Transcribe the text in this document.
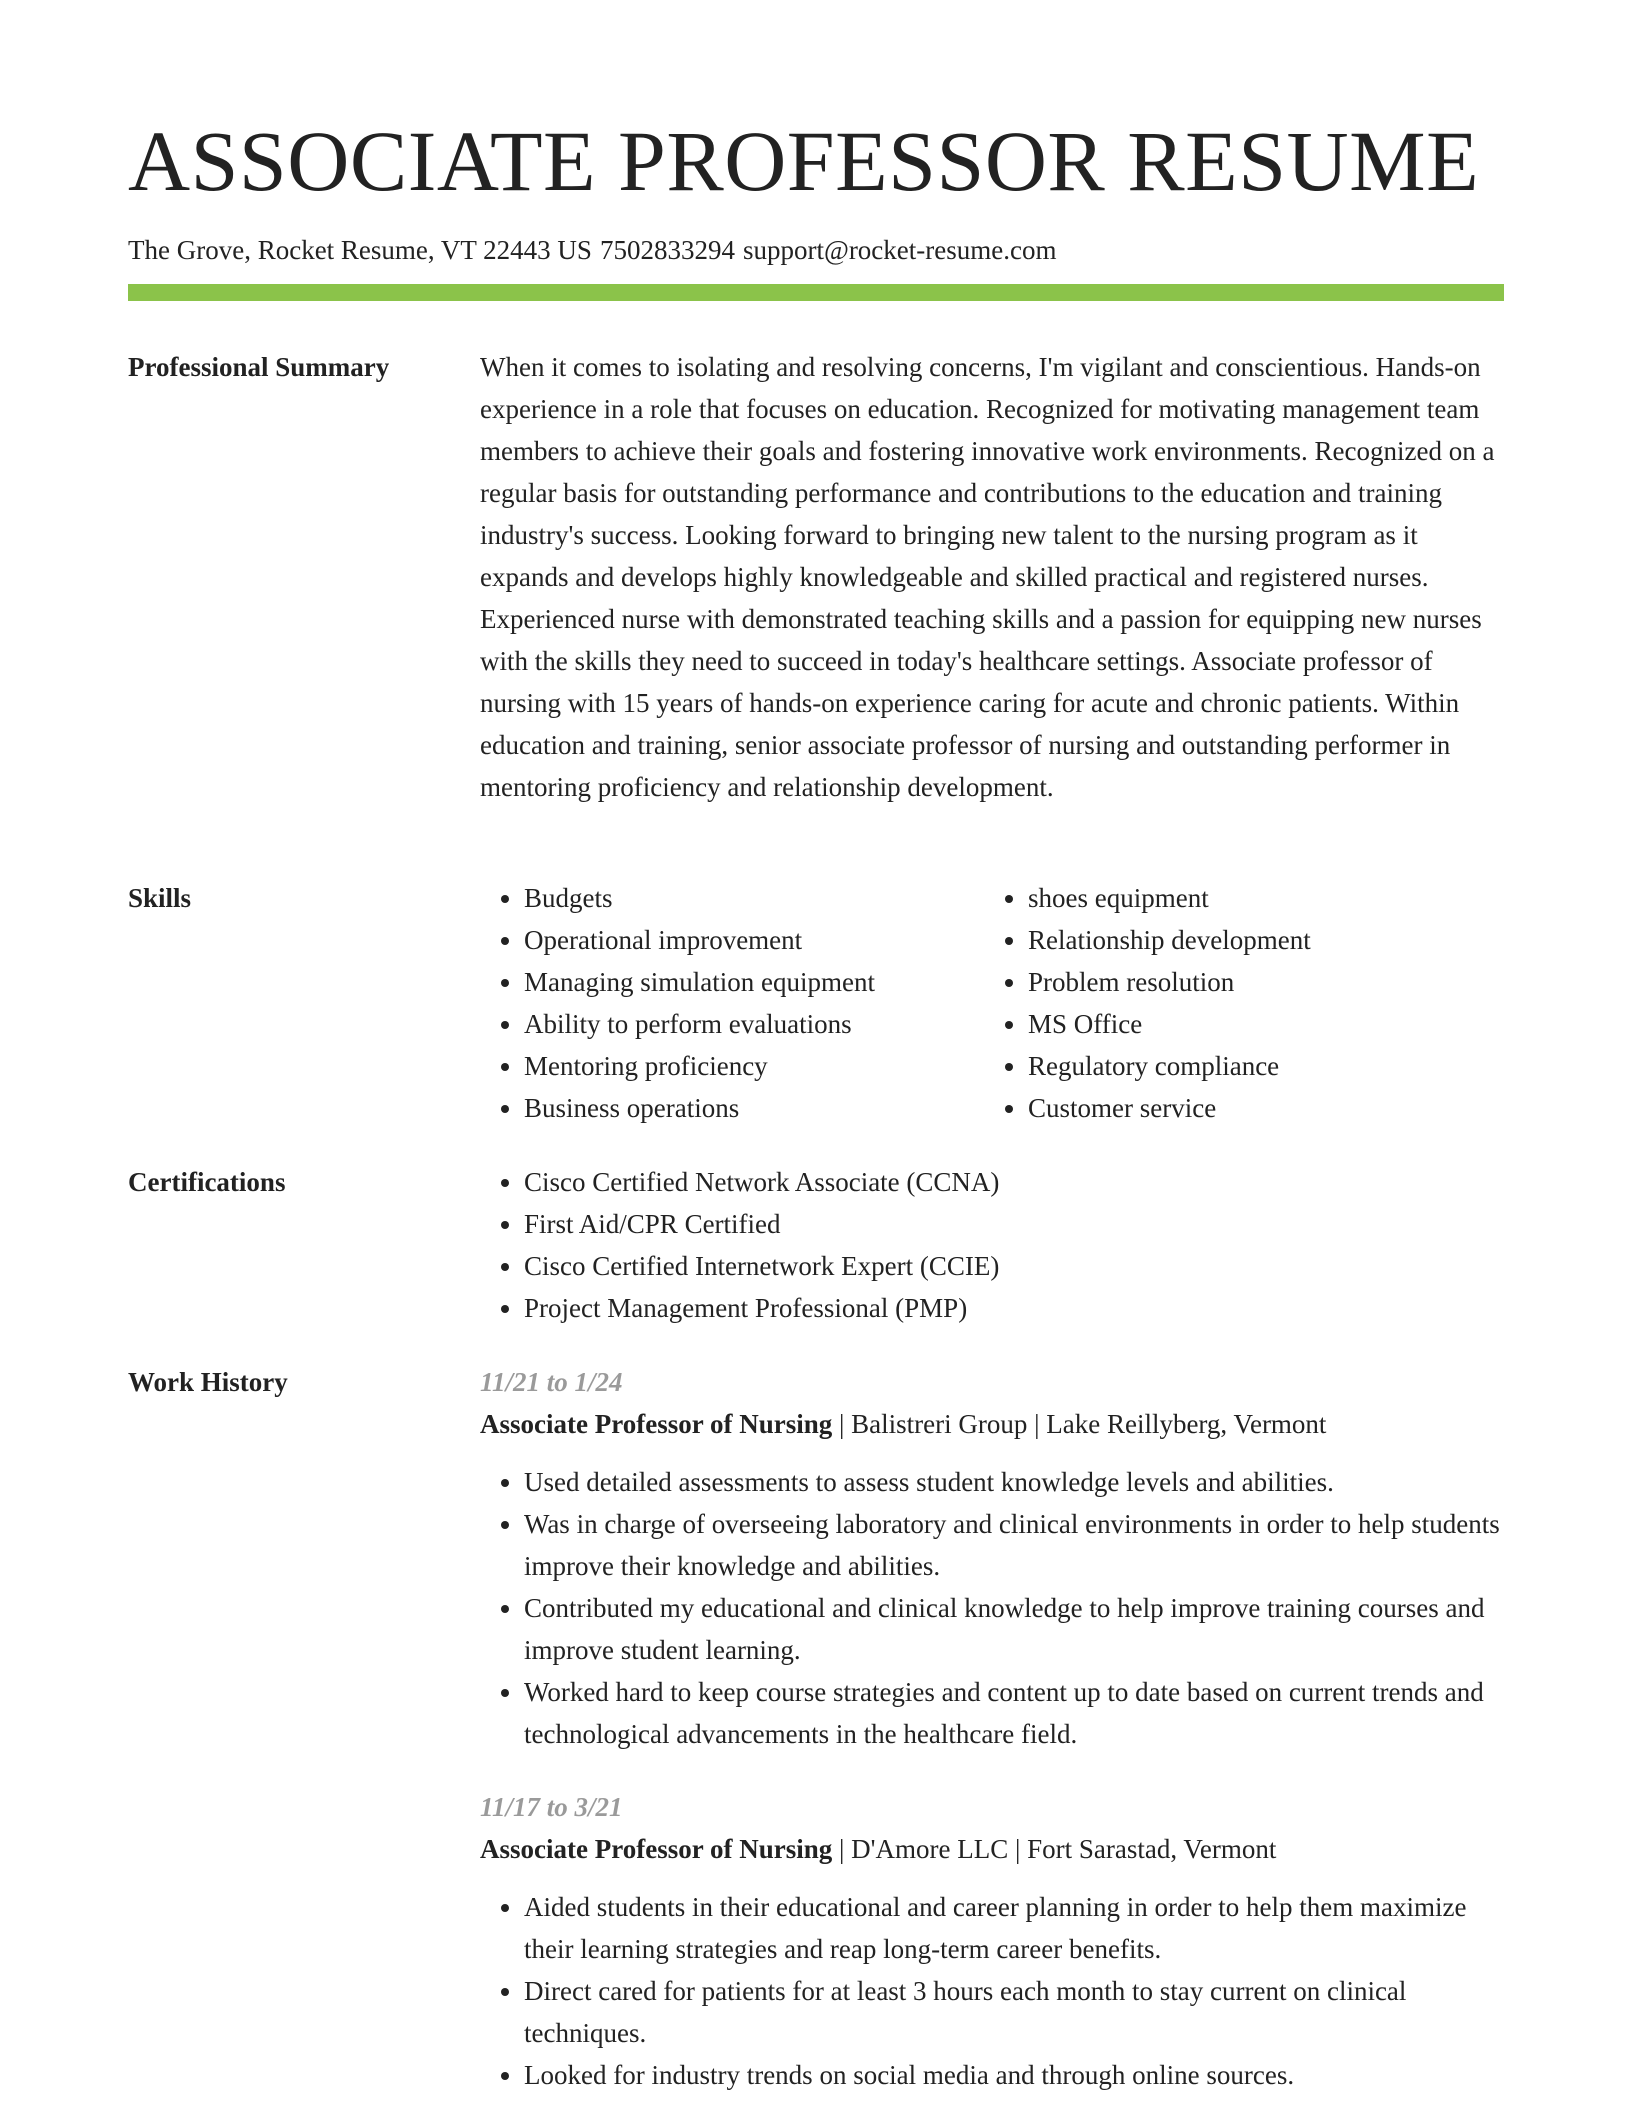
ASSOCIATE PROFESSOR RESUME
The Grove, Rocket Resume, VT 22443 US 7502833294 support@rocket-resume.com
Professional Summary	When it comes to isolating and resolving concerns, I'm vigilant and conscientious. Hands-on experience in a role that focuses on education. Recognized for motivating management team members to achieve their goals and fostering innovative work environments. Recognized on a regular basis for outstanding performance and contributions to the education and training industry's success. Looking forward to bringing new talent to the nursing program as it expands and develops highly knowledgeable and skilled practical and registered nurses. Experienced nurse with demonstrated teaching skills and a passion for equipping new nurses with the skills they need to succeed in today's healthcare settings. Associate professor of nursing with 15 years of hands-on experience caring for acute and chronic patients. Within education and training, senior associate professor of nursing and outstanding performer in mentoring proficiency and relationship development.
Skills	• Budgets
• Operational improvement
• Managing simulation equipment
• Ability to perform evaluations
• Mentoring proficiency
• Business operations
• shoes equipment
• Relationship development
• Problem resolution
• MS Office
• Regulatory compliance
• Customer service
Certifications	• Cisco Certified Network Associate (CCNA)
• First Aid/CPR Certified
• Cisco Certified Internetwork Expert (CCIE)
• Project Management Professional (PMP)
Work History	11/21 to 1/24
Associate Professor of Nursing | Balistreri Group | Lake Reillyberg, Vermont
• Used detailed assessments to assess student knowledge levels and abilities.
• Was in charge of overseeing laboratory and clinical environments in order to help students improve their knowledge and abilities.
• Contributed my educational and clinical knowledge to help improve training courses and improve student learning.
• Worked hard to keep course strategies and content up to date based on current trends and technological advancements in the healthcare field.
11/17 to 3/21
Associate Professor of Nursing | D'Amore LLC | Fort Sarastad, Vermont
• Aided students in their educational and career planning in order to help them maximize their learning strategies and reap long-term career benefits.
• Direct cared for patients for at least 3 hours each month to stay current on clinical techniques.
• Looked for industry trends on social media and through online sources.
